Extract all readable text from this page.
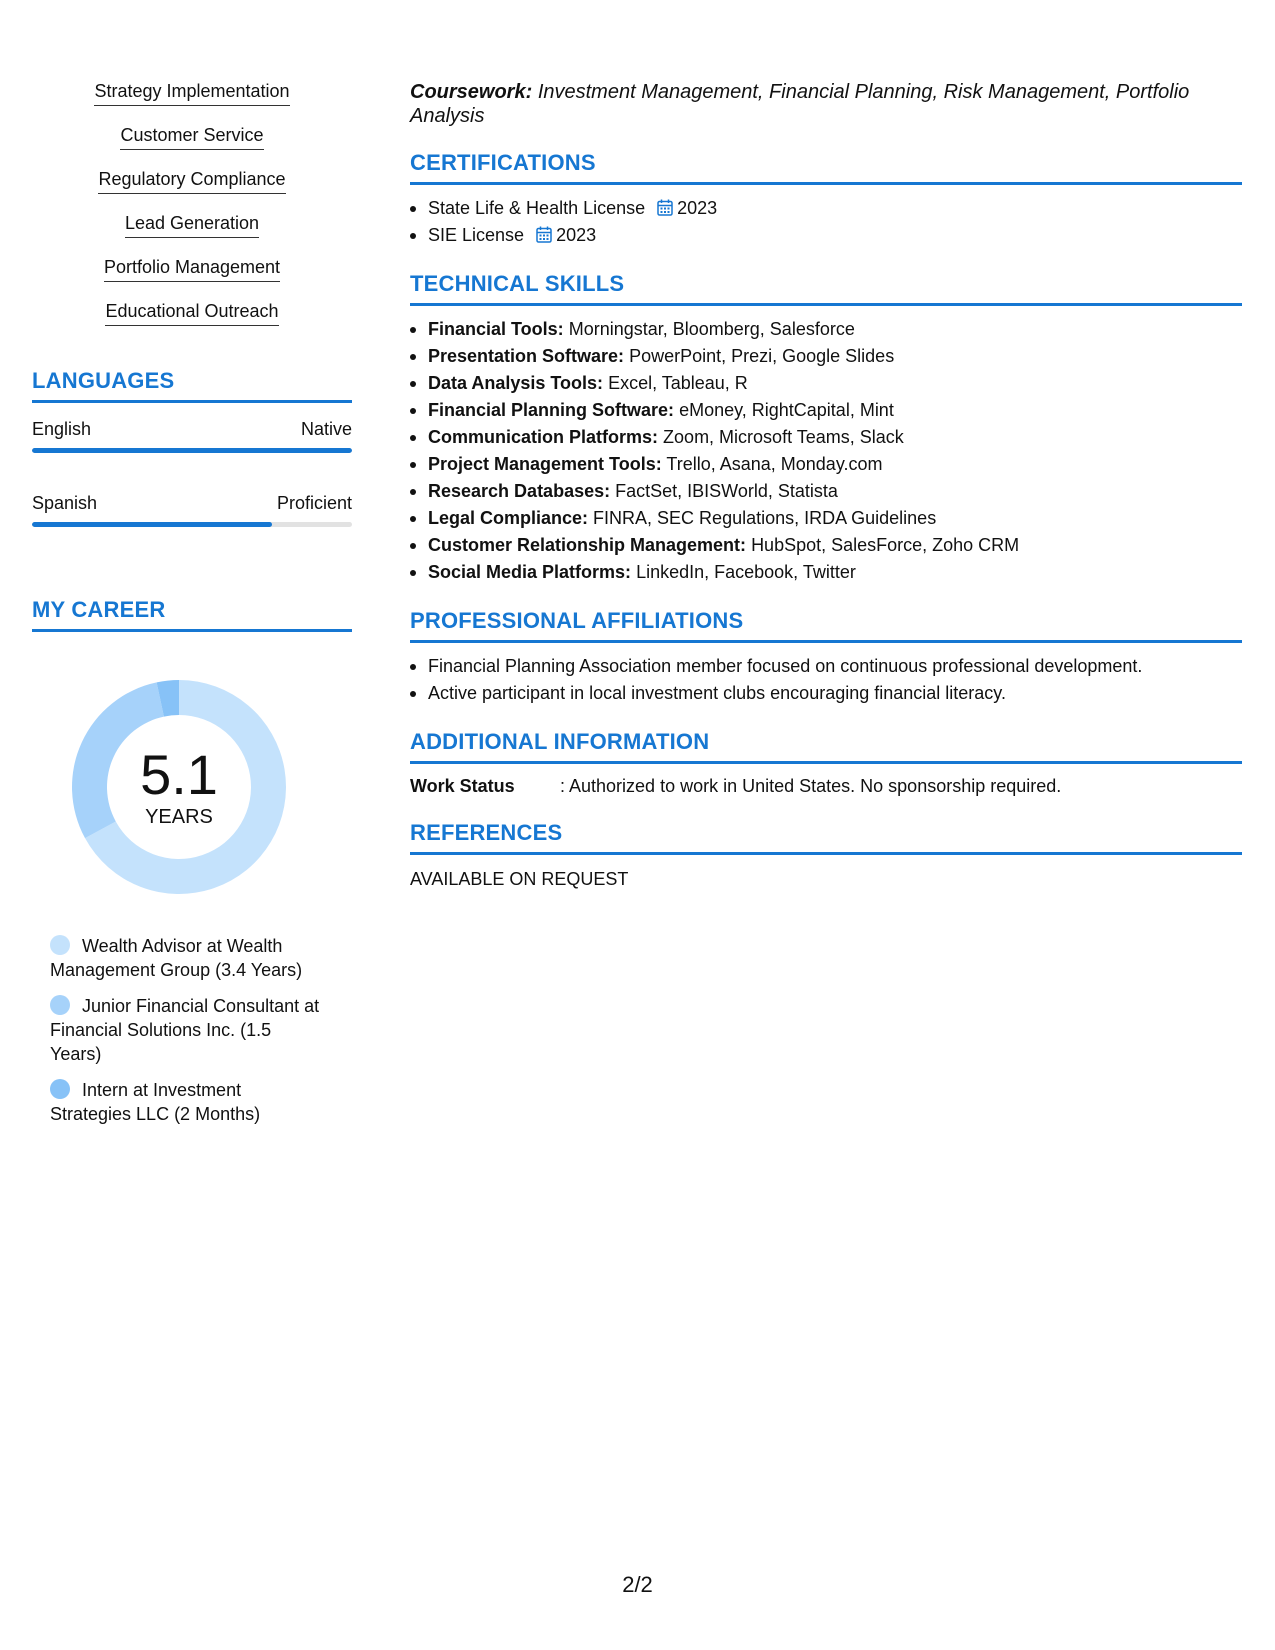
Strategy Implementation
Customer Service
Regulatory Compliance
Lead Generation
Portfolio Management
Educational Outreach
LANGUAGES
English	Native
Spanish	Proficient
MY CAREER
5.1
YEARS
Wealth Advisor at Wealth Management Group (3.4 Years)
Junior Financial Consultant at Financial Solutions Inc. (1.5 Years)
Intern at Investment Strategies LLC (2 Months)
Coursework: Investment Management, Financial Planning, Risk Management, Portfolio Analysis
CERTIFICATIONS
State Life & Health License 2023
SIE License 2023
TECHNICAL SKILLS
Financial Tools: Morningstar, Bloomberg, Salesforce
Presentation Software: PowerPoint, Prezi, Google Slides
Data Analysis Tools: Excel, Tableau, R
Financial Planning Software: eMoney, RightCapital, Mint
Communication Platforms: Zoom, Microsoft Teams, Slack
Project Management Tools: Trello, Asana, Monday.com
Research Databases: FactSet, IBISWorld, Statista
Legal Compliance: FINRA, SEC Regulations, IRDA Guidelines
Customer Relationship Management: HubSpot, SalesForce, Zoho CRM
Social Media Platforms: LinkedIn, Facebook, Twitter
PROFESSIONAL AFFILIATIONS
Financial Planning Association member focused on continuous professional development.
Active participant in local investment clubs encouraging financial literacy.
ADDITIONAL INFORMATION
Work Status	: Authorized to work in United States. No sponsorship required.
REFERENCES
AVAILABLE ON REQUEST
2/2
